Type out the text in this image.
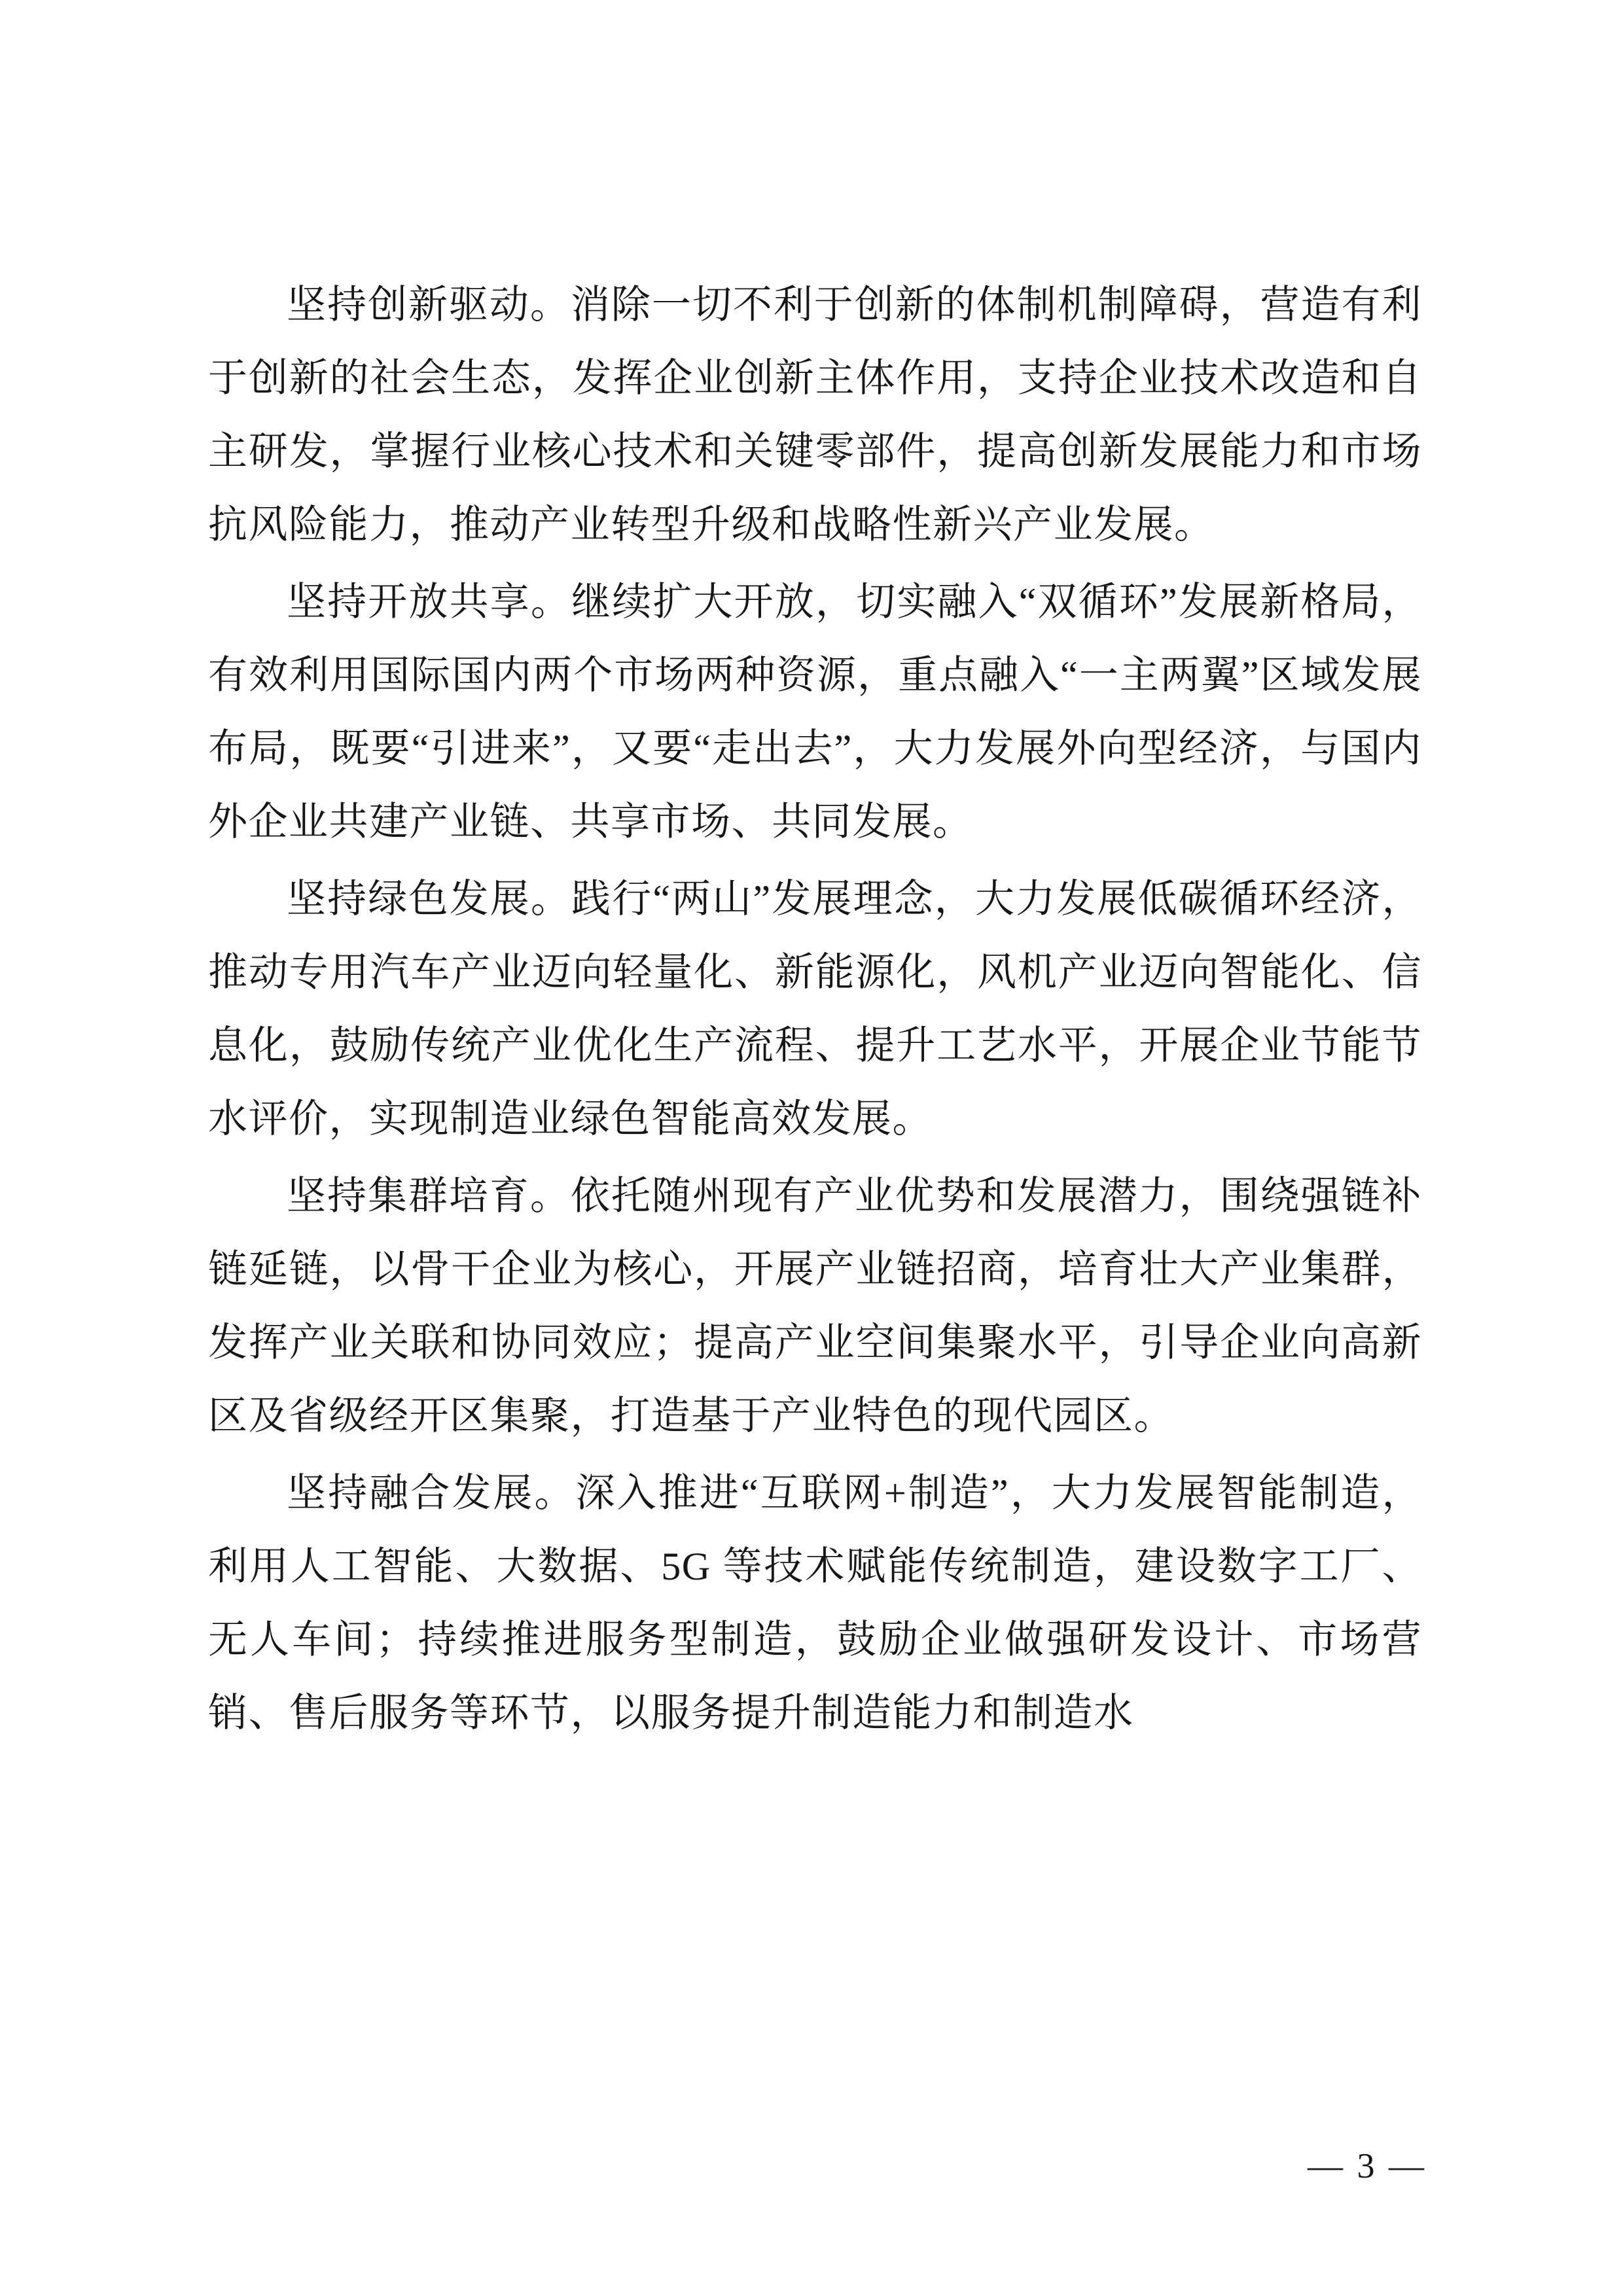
坚持创新驱动。消除一切不利于创新的体制机制障碍，营造有利于创新的社会生态，发挥企业创新主体作用，支持企业技术改造和自主研发，掌握行业核心技术和关键零部件，提高创新发展能力和市场抗风险能力，推动产业转型升级和战略性新兴产业发展。

坚持开放共享。继续扩大开放，切实融入“双循环”发展新格局，有效利用国际国内两个市场两种资源，重点融入“一主两翼”区域发展布局，既要“引进来”，又要“走出去”，大力发展外向型经济，与国内外企业共建产业链、共享市场、共同发展。

坚持绿色发展。践行“两山”发展理念，大力发展低碳循环经济，推动专用汽车产业迈向轻量化、新能源化，风机产业迈向智能化、信息化，鼓励传统产业优化生产流程、提升工艺水平，开展企业节能节水评价，实现制造业绿色智能高效发展。

坚持集群培育。依托随州现有产业优势和发展潜力，围绕强链补链延链，以骨干企业为核心，开展产业链招商，培育壮大产业集群，发挥产业关联和协同效应；提高产业空间集聚水平，引导企业向高新区及省级经开区集聚，打造基于产业特色的现代园区。

坚持融合发展。深入推进“互联网+制造”，大力发展智能制造，利用人工智能、大数据、5G 等技术赋能传统制造，建设数字工厂、无人车间；持续推进服务型制造，鼓励企业做强研发设计、市场营销、售后服务等环节，以服务提升制造能力和制造水

— 3 —
